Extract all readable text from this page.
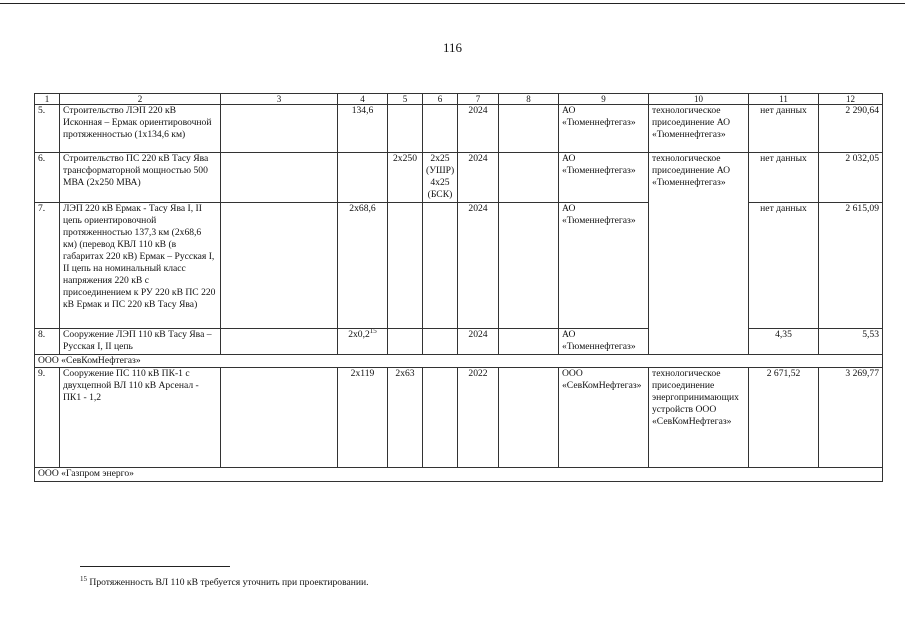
116
1	2	3	4	5	6	7	8	9	10	11	12
5.	Строительство ЛЭП 220 кВ Исконная – Ермак ориентировочной протяженностью (1х134,6 км)		134,6			2024		АО «Тюменнефтегаз»	технологическое присоединение АО «Тюменнефтегаз»	нет данных	2 290,64
6.	Строительство ПС 220 кВ Тасу Ява трансформаторной мощностью 500 МВА (2х250 МВА)			2х250	2х25 (УШР) 4х25 (БСК)	2024		АО «Тюменнефтегаз»	технологическое присоединение АО «Тюменнефтегаз»	нет данных	2 032,05
7.	ЛЭП 220 кВ Ермак - Тасу Ява I, II цепь ориентировочной протяженностью 137,3 км (2х68,6 км) (перевод КВЛ 110 кВ (в габаритах 220 кВ) Ермак – Русская I, II цепь на номинальный класс напряжения 220 кВ с присоединением к РУ 220 кВ ПС 220 кВ Ермак и ПС 220 кВ Тасу Ява)		2х68,6			2024		АО «Тюменнефтегаз»		нет данных	2 615,09
8.	Сооружение ЛЭП 110 кВ Тасу Ява – Русская I, II цепь		$2х0,2^{15}$			2024		АО «Тюменнефтегаз»		4,35	5,53
ООО «СевКомНефтегаз»											
9.	Сооружение ПС 110 кВ ПК-1 с двухцепной ВЛ 110 кВ Арсенал - ПК1 - 1,2		2х119	2х63		2022		ООО «СевКомНефтегаз»	технологическое присоединение энергопринимающих устройств ООО «СевКомНефтегаз»	2 671,52	3 269,77
ООО «Газпром энерго»											
$^{15}$ Протяженность ВЛ 110 кВ требуется уточнить при проектировании.
